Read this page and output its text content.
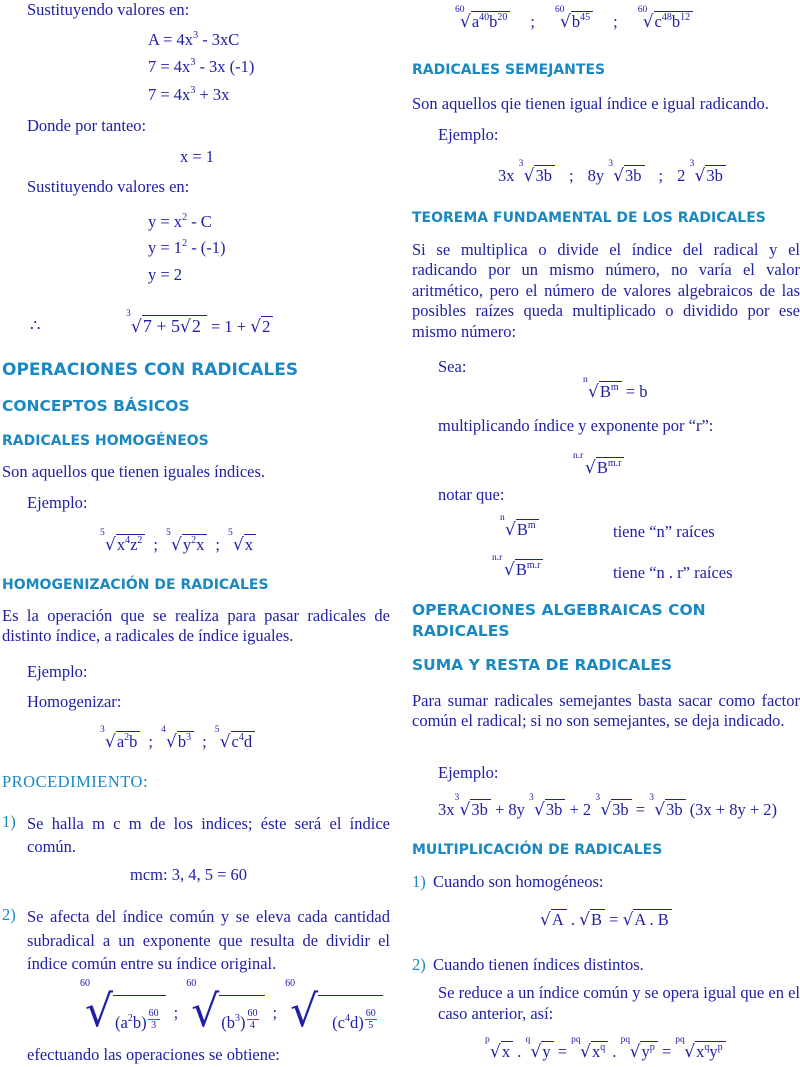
Sustituyendo valores en:
$A = 4x^3 - 3xC$
$7 = 4x^3 - 3x$ (-1)
$7 = 4x^3 + 3x$
Donde por tanteo:
x = 1
Sustituyendo valores en:
$y = x^2 - C$
$y = 1^2 - (-1)$
y = 2
∴
3
√7 + 5√2 = 1 + √2
OPERACIONES CON RADICALES
CONCEPTOS BÁSICOS
RADICALES HOMOGÉNEOS
Son aquellos que tienen iguales índices.
Ejemplo:
5
$√x^4z^2$ ;
5
$√y^2x$ ;
5
√x
HOMOGENIZACIÓN DE RADICALES
Es la operación que se realiza para pasar radicales de distinto índice, a radicales de índice iguales.
Ejemplo:
Homogenizar:
3
$√a^2b$ ;
4
$√b^3$ ;
5
$√c^4d$
PROCEDIMIENTO:
1) Se halla m c m de los indices; éste será el índice común.
mcm: 3, 4, 5 = 60
2) Se afecta del índice común y se eleva cada cantidad subradical a un exponente que resulta de dividir el índice común entre su índice original.
60
√ $(a^2b) \frac{60}{3}$ ;
60
√ $(b^3) \frac{60}{4}$ ;
60
√ $(c^4d) \frac{60}{5}$
efectuando las operaciones se obtiene:
60
$√a^{40}b^{20}$ ;
60
$√b^{45}$ ;
60
$√c^{48}b^{12}$
RADICALES SEMEJANTES
Son aquellos qie tienen igual índice e igual radicando.
Ejemplo:
3x
3
√3b ; 8y
3
√3b ; 2
3
√3b
TEOREMA FUNDAMENTAL DE LOS RADICALES
Si se multiplica o divide el índice del radical y el radicando por un mismo número, no varía el valor aritmético, pero el número de valores algebraicos de las posibles raízes queda multiplicado o dividido por ese mismo número:
Sea:
n
$√B^m = b$
multiplicando índice y exponente por “r”:
n.r
$√B^{m.r}$
notar que:
n
$√B^m$	tiene “n” raíces
n.r
$√B^{m.r}$	tiene “n . r” raíces
OPERACIONES ALGEBRAICAS CON RADICALES
SUMA Y RESTA DE RADICALES
Para sumar radicales semejantes basta sacar como factor común el radical; si no son semejantes, se deja indicado.
Ejemplo:
3x
3
√3b + 8y
3
√3b + 2
3
√3b =
3
√3b (3x + 8y + 2)
MULTIPLICACIÓN DE RADICALES
1) Cuando son homogéneos:
√A . √B = √A . B
2) Cuando tienen índices distintos.
Se reduce a un índice común y se opera igual que en el caso anterior, así:
p
√x .
q
√y =
pq
$√x^q$ .
pq
$√y^p$ =
pq
$√x^qy^p$
